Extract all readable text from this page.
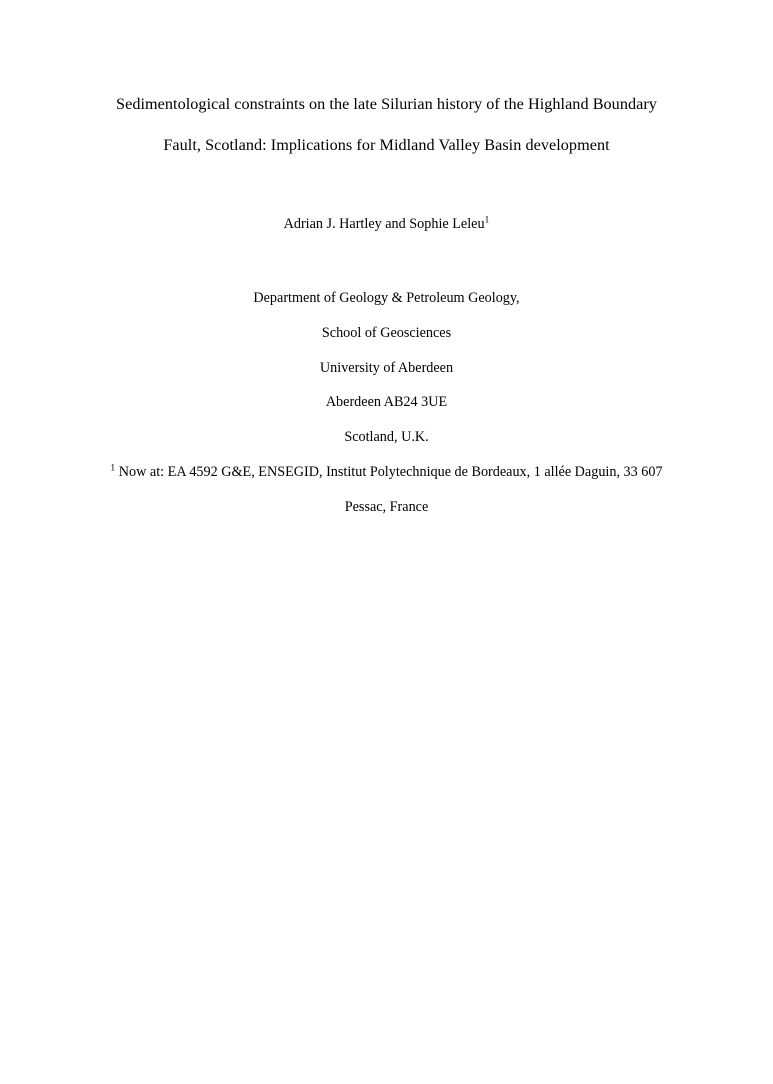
Sedimentological constraints on the late Silurian history of the Highland Boundary
Fault, Scotland: Implications for Midland Valley Basin development
Adrian J. Hartley and Sophie Leleu$^1$
Department of Geology & Petroleum Geology,
School of Geosciences
University of Aberdeen
Aberdeen AB24 3UE
Scotland, U.K.
$^1$ Now at: EA 4592 G&E, ENSEGID, Institut Polytechnique de Bordeaux, 1 allée Daguin, 33 607
Pessac, France
